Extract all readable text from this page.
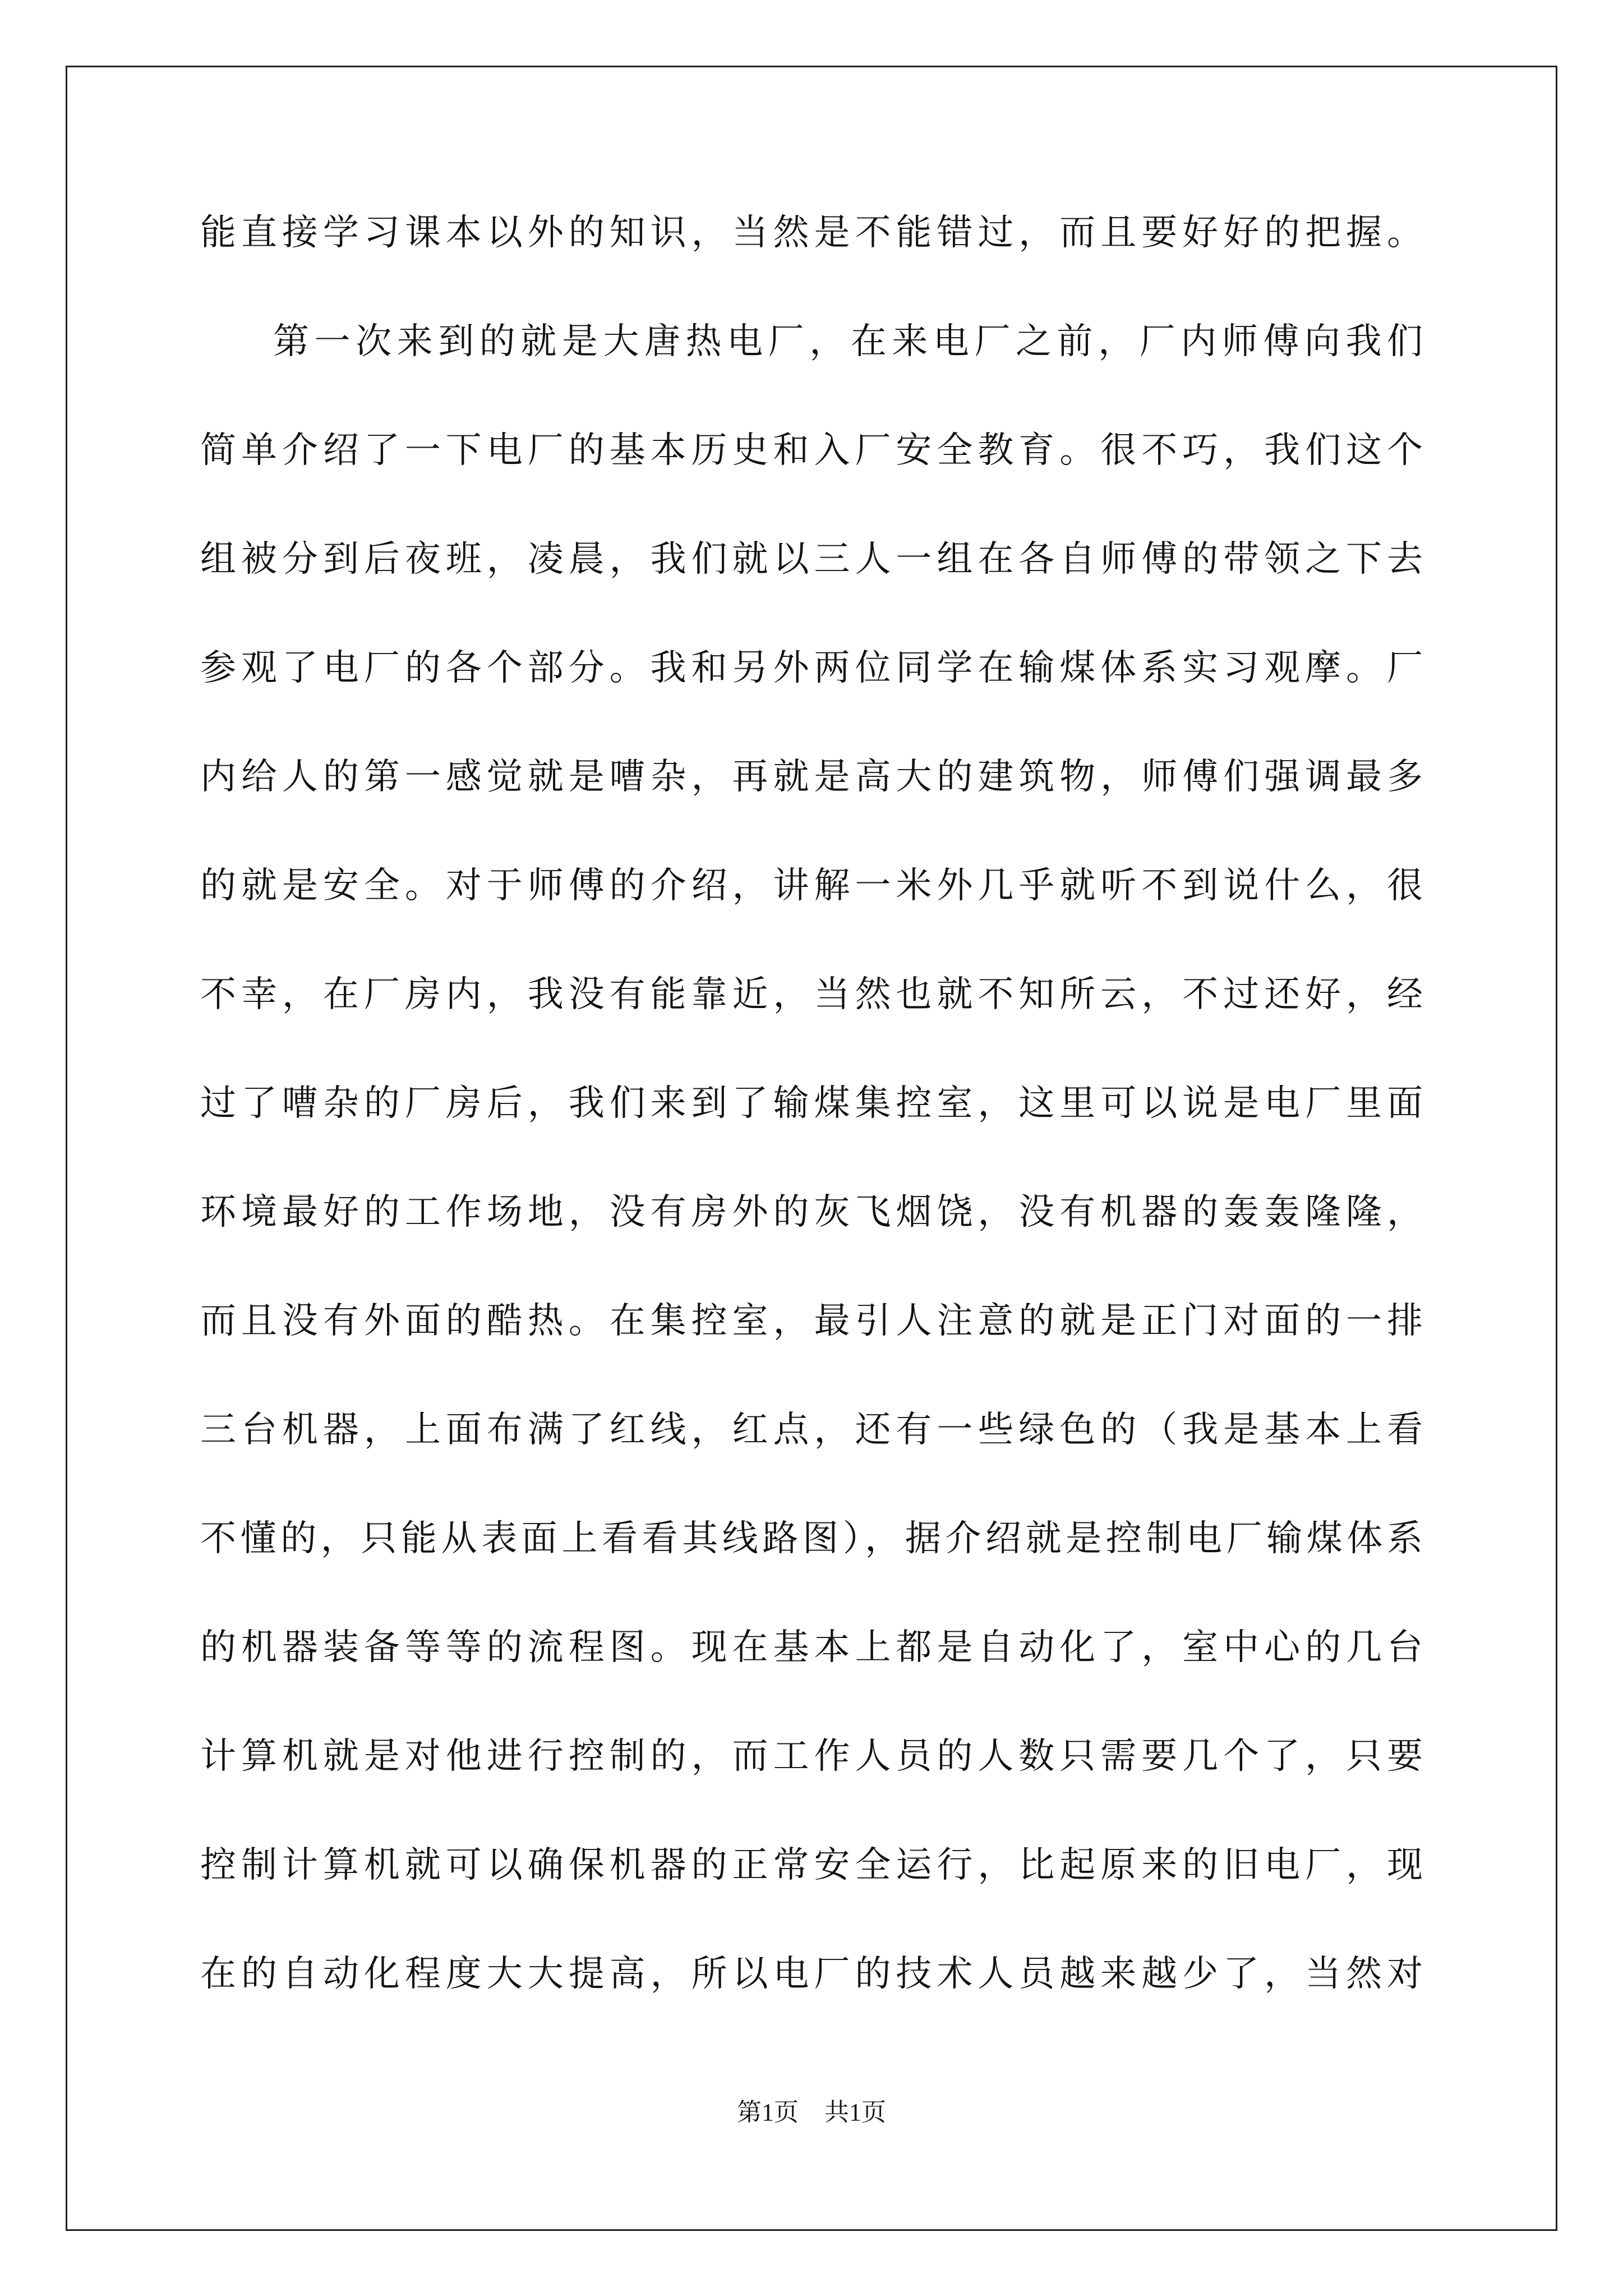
能直接学习课本以外的知识，当然是不能错过，而且要好好的把握。
第一次来到的就是大唐热电厂，在来电厂之前，厂内师傅向我们
简单介绍了一下电厂的基本历史和入厂安全教育。很不巧，我们这个
组被分到后夜班，凌晨，我们就以三人一组在各自师傅的带领之下去
参观了电厂的各个部分。我和另外两位同学在输煤体系实习观摩。厂
内给人的第一感觉就是嘈杂，再就是高大的建筑物，师傅们强调最多
的就是安全。对于师傅的介绍，讲解一米外几乎就听不到说什么，很
不幸，在厂房内，我没有能靠近，当然也就不知所云，不过还好，经
过了嘈杂的厂房后，我们来到了输煤集控室，这里可以说是电厂里面
环境最好的工作场地，没有房外的灰飞烟饶，没有机器的轰轰隆隆，
而且没有外面的酷热。在集控室，最引人注意的就是正门对面的一排
三台机器，上面布满了红线，红点，还有一些绿色的（我是基本上看
不懂的，只能从表面上看看其线路图），据介绍就是控制电厂输煤体系
的机器装备等等的流程图。现在基本上都是自动化了，室中心的几台
计算机就是对他进行控制的，而工作人员的人数只需要几个了，只要
控制计算机就可以确保机器的正常安全运行，比起原来的旧电厂，现
在的自动化程度大大提高，所以电厂的技术人员越来越少了，当然对
第1页 共1页
